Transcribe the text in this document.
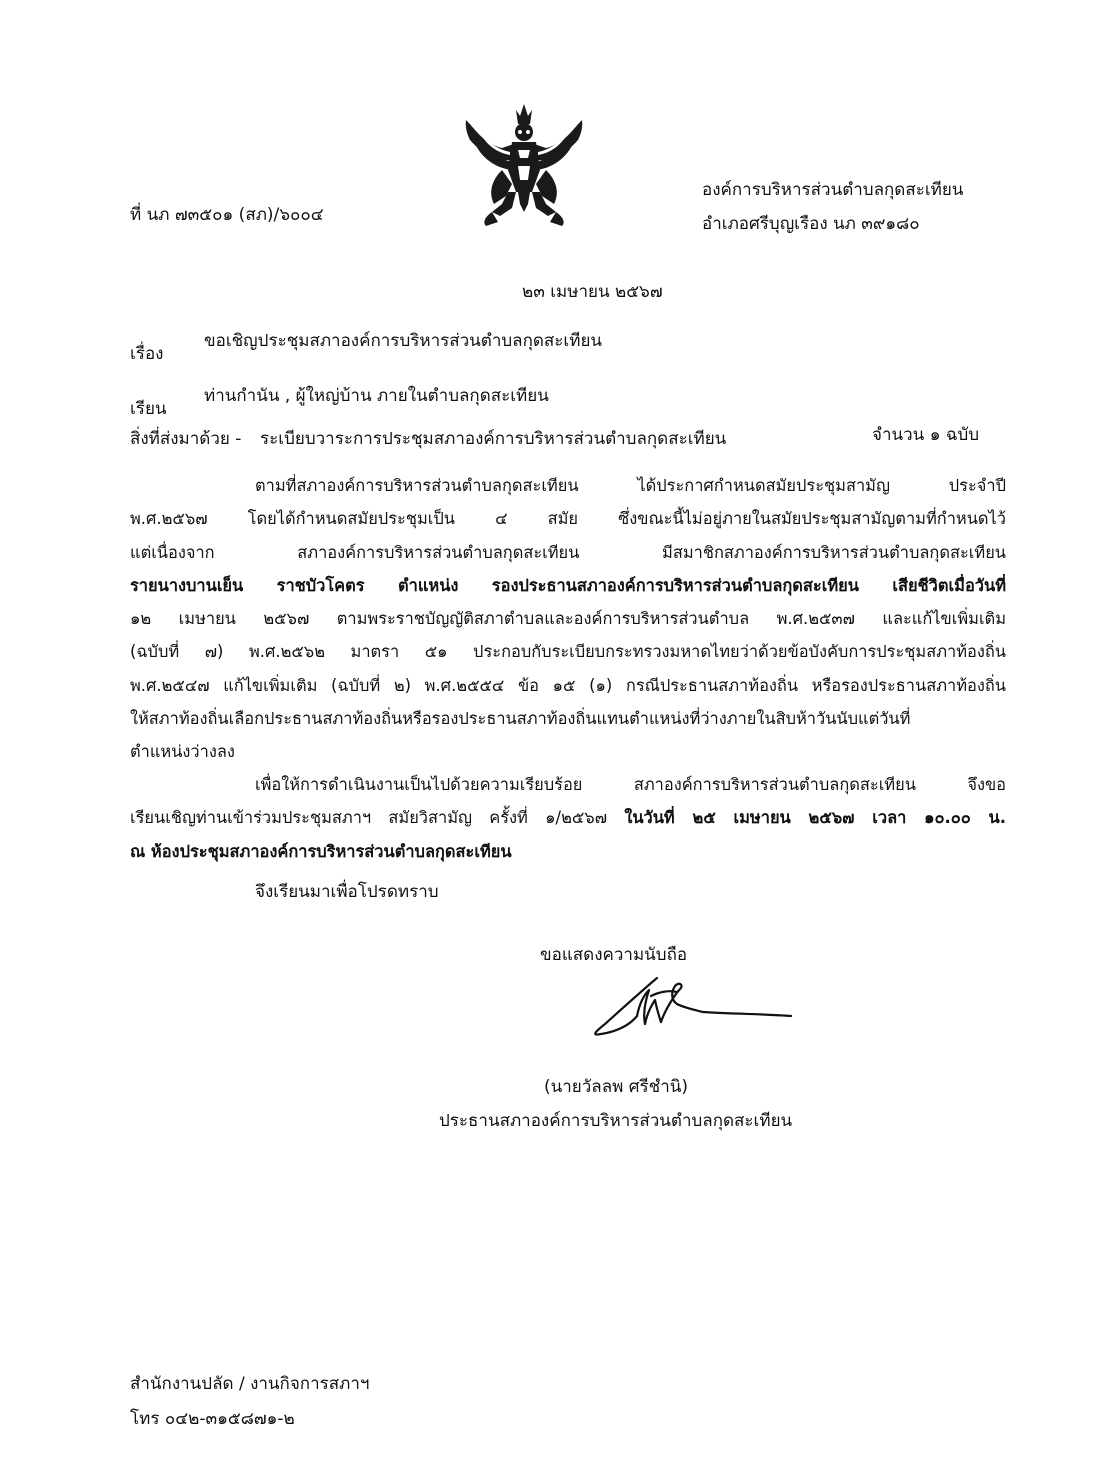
ที่ นภ ๗๓๕๐๑ (สภ)/๖๐๐๔
องค์การบริหารส่วนตำบลกุดสะเทียน
อำเภอศรีบุญเรือง นภ ๓๙๑๘๐
๒๓ เมษายน ๒๕๖๗
เรื่อง
ขอเชิญประชุมสภาองค์การบริหารส่วนตำบลกุดสะเทียน
เรียน
ท่านกำนัน , ผู้ใหญ่บ้าน ภายในตำบลกุดสะเทียน
สิ่งที่ส่งมาด้วย - ระเบียบวาระการประชุมสภาองค์การบริหารส่วนตำบลกุดสะเทียน	จำนวน ๑ ฉบับ
ตามที่สภาองค์การบริหารส่วนตำบลกุดสะเทียน ได้ประกาศกำหนดสมัยประชุมสามัญ ประจำปี
พ.ศ.๒๕๖๗ โดยได้กำหนดสมัยประชุมเป็น ๔ สมัย ซึ่งขณะนี้ไม่อยู่ภายในสมัยประชุมสามัญตามที่กำหนดไว้
แต่เนื่องจาก สภาองค์การบริหารส่วนตำบลกุดสะเทียน มีสมาชิกสภาองค์การบริหารส่วนตำบลกุดสะเทียน
รายนางบานเย็น ราชบัวโคตร ตำแหน่ง รองประธานสภาองค์การบริหารส่วนตำบลกุดสะเทียน เสียชีวิตเมื่อวันที่
๑๒ เมษายน ๒๕๖๗ ตามพระราชบัญญัติสภาตำบลและองค์การบริหารส่วนตำบล พ.ศ.๒๕๓๗ และแก้ไขเพิ่มเติม
(ฉบับที่ ๗) พ.ศ.๒๕๖๒ มาตรา ๕๑ ประกอบกับระเบียบกระทรวงมหาดไทยว่าด้วยข้อบังคับการประชุมสภาท้องถิ่น
พ.ศ.๒๕๔๗ แก้ไขเพิ่มเติม (ฉบับที่ ๒) พ.ศ.๒๕๕๔ ข้อ ๑๕ (๑) กรณีประธานสภาท้องถิ่น หรือรองประธานสภาท้องถิ่น
ให้สภาท้องถิ่นเลือกประธานสภาท้องถิ่นหรือรองประธานสภาท้องถิ่นแทนตำแหน่งที่ว่างภายในสิบห้าวันนับแต่วันที่
ตำแหน่งว่างลง
เพื่อให้การดำเนินงานเป็นไปด้วยความเรียบร้อย สภาองค์การบริหารส่วนตำบลกุดสะเทียน จึงขอ
เรียนเชิญท่านเข้าร่วมประชุมสภาฯ สมัยวิสามัญ ครั้งที่ ๑/๒๕๖๗ ในวันที่ ๒๕ เมษายน ๒๕๖๗ เวลา ๑๐.๐๐ น.
ณ ห้องประชุมสภาองค์การบริหารส่วนตำบลกุดสะเทียน
จึงเรียนมาเพื่อโปรดทราบ
ขอแสดงความนับถือ
(นายวัลลพ ศรีชำนิ)
ประธานสภาองค์การบริหารส่วนตำบลกุดสะเทียน
สำนักงานปลัด / งานกิจการสภาฯ
โทร ๐๔๒-๓๑๕๘๗๑-๒
